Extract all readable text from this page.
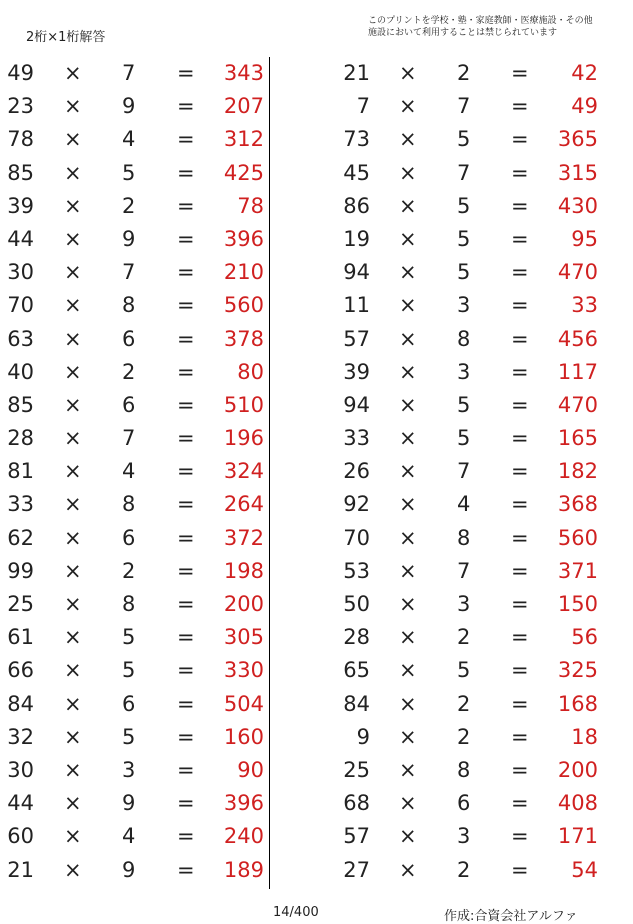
2桁×1桁解答
このプリントを学校・塾・家庭教師・医療施設・その他
施設において利用することは禁じられています
49 × 7 =	343
23 × 9 =	207
78 × 4 =	312
85 × 5 =	425
39 × 2 =	78
44 × 9 =	396
30 × 7 =	210
70 × 8 =	560
63 × 6 =	378
40 × 2 =	80
85 × 6 =	510
28 × 7 =	196
81 × 4 =	324
33 × 8 =	264
62 × 6 =	372
99 × 2 =	198
25 × 8 =	200
61 × 5 =	305
66 × 5 =	330
84 × 6 =	504
32 × 5 =	160
30 × 3 =	90
44 × 9 =	396
60 × 4 =	240
21 × 9 =	189
21 × 2 =	42
7 × 7 =	49
73 × 5 =	365
45 × 7 =	315
86 × 5 =	430
19 × 5 =	95
94 × 5 =	470
11 × 3 =	33
57 × 8 =	456
39 × 3 =	117
94 × 5 =	470
33 × 5 =	165
26 × 7 =	182
92 × 4 =	368
70 × 8 =	560
53 × 7 =	371
50 × 3 =	150
28 × 2 =	56
65 × 5 =	325
84 × 2 =	168
9 × 2 =	18
25 × 8 =	200
68 × 6 =	408
57 × 3 =	171
27 × 2 =	54
14/400	作成:合資会社アルファ
